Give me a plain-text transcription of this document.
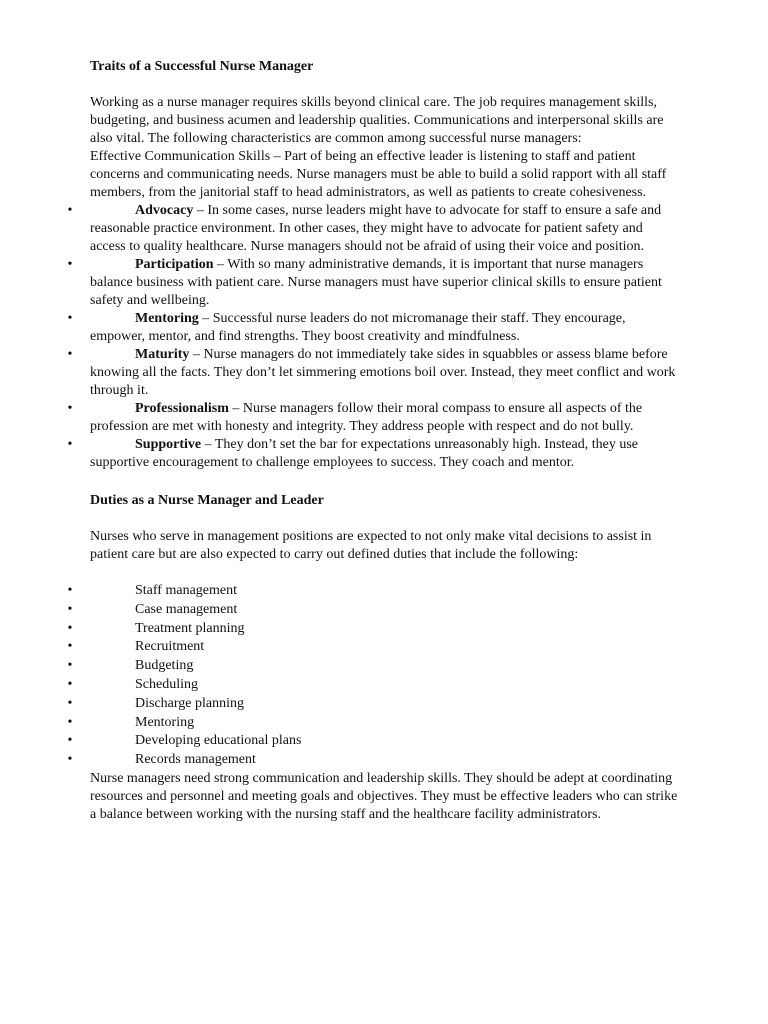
Traits of a Successful Nurse Manager

Working as a nurse manager requires skills beyond clinical care. The job requires management skills, budgeting, and business acumen and leadership qualities. Communications and interpersonal skills are also vital. The following characteristics are common among successful nurse managers:

Effective Communication Skills – Part of being an effective leader is listening to staff and patient concerns and communicating needs. Nurse managers must be able to build a solid rapport with all staff members, from the janitorial staff to head administrators, as well as patients to create cohesiveness.

•	Advocacy – In some cases, nurse leaders might have to advocate for staff to ensure a safe and reasonable practice environment. In other cases, they might have to advocate for patient safety and access to quality healthcare. Nurse managers should not be afraid of using their voice and position.
•	Participation – With so many administrative demands, it is important that nurse managers balance business with patient care. Nurse managers must have superior clinical skills to ensure patient safety and wellbeing.
•	Mentoring – Successful nurse leaders do not micromanage their staff. They encourage, empower, mentor, and find strengths. They boost creativity and mindfulness.
•	Maturity – Nurse managers do not immediately take sides in squabbles or assess blame before knowing all the facts. They don’t let simmering emotions boil over. Instead, they meet conflict and work through it.
•	Professionalism – Nurse managers follow their moral compass to ensure all aspects of the profession are met with honesty and integrity. They address people with respect and do not bully.
•	Supportive – They don’t set the bar for expectations unreasonably high. Instead, they use supportive encouragement to challenge employees to success. They coach and mentor.
Duties as a Nurse Manager and Leader

Nurses who serve in management positions are expected to not only make vital decisions to assist in patient care but are also expected to carry out defined duties that include the following:

•	Staff management
•	Case management
•	Treatment planning
•	Recruitment
•	Budgeting
•	Scheduling
•	Discharge planning
•	Mentoring
•	Developing educational plans
•	Records management

Nurse managers need strong communication and leadership skills. They should be adept at coordinating resources and personnel and meeting goals and objectives. They must be effective leaders who can strike a balance between working with the nursing staff and the healthcare facility administrators.
